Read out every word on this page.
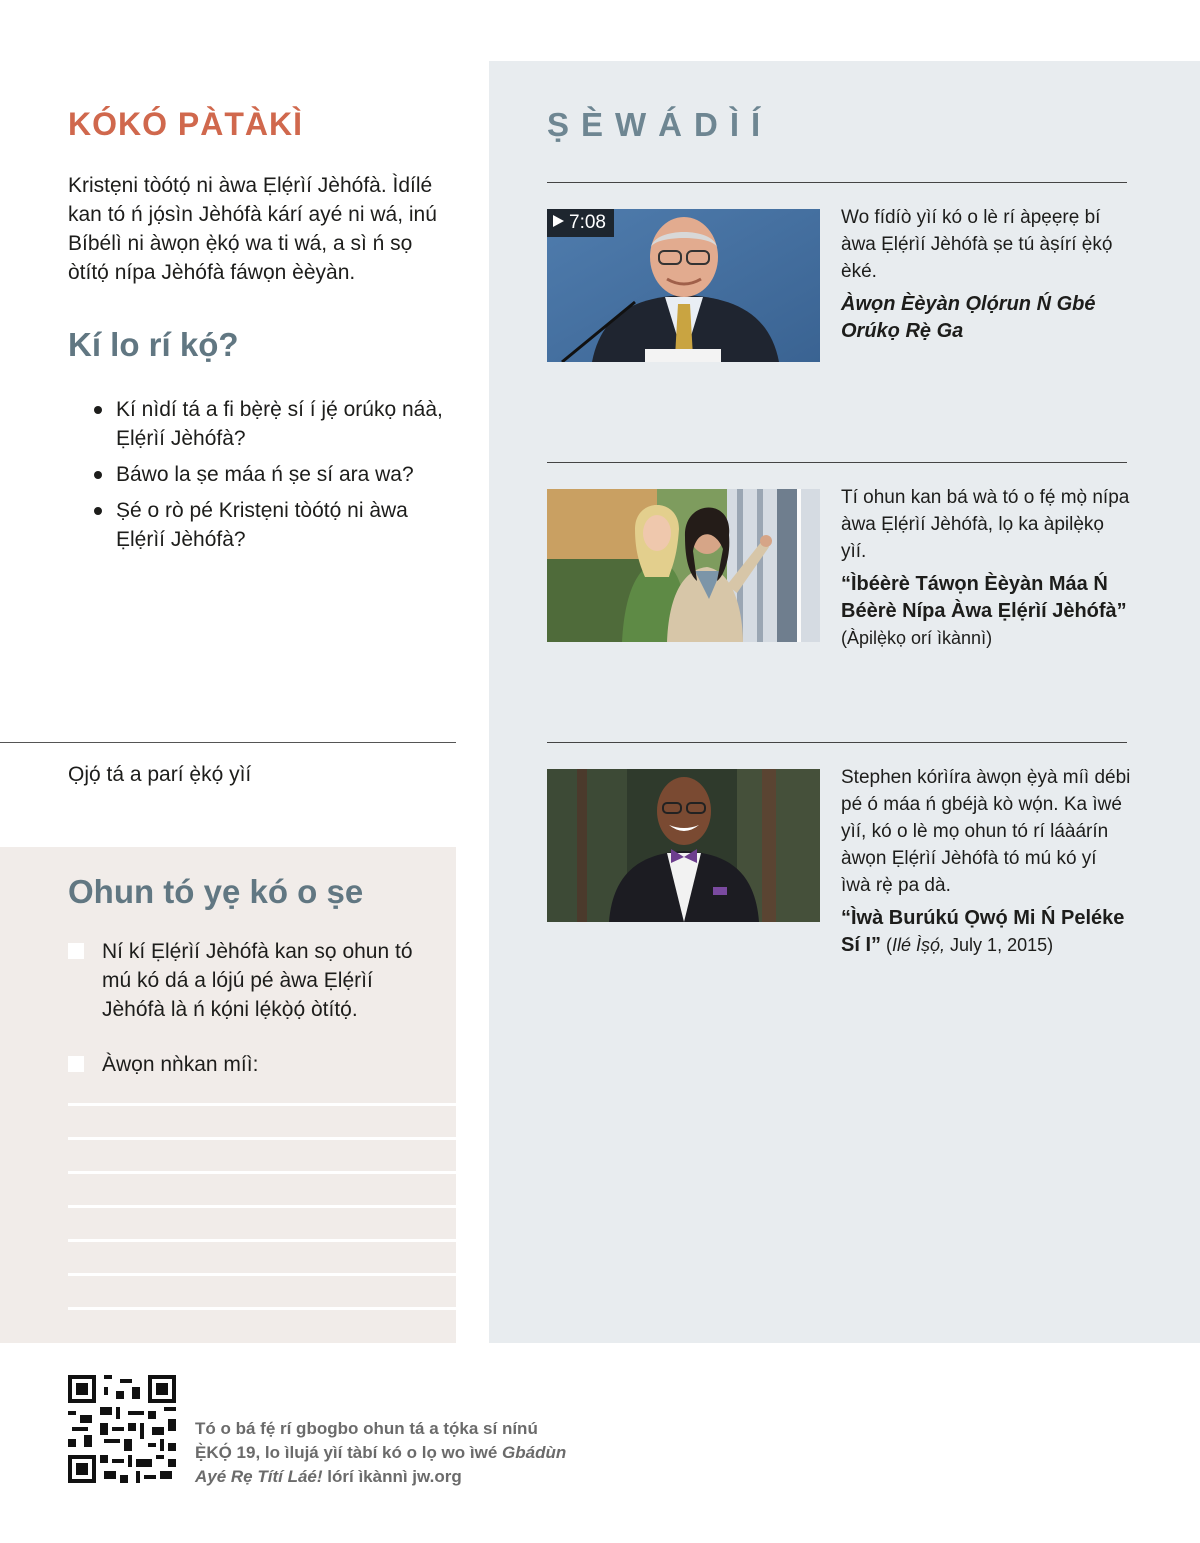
KÓKÓ PÀTÀKÌ

Kristẹni tòótọ́ ni àwa Ẹlẹ́rìí Jèhófà. Ìdílé kan tó ń jọ́sìn Jèhófà kárí ayé ni wá, inú Bíbélì ni àwọn ẹ̀kọ́ wa ti wá, a sì ń sọ òtítọ́ nípa Jèhófà fáwọn èèyàn.

Kí lo rí kọ́?
Kí nìdí tá a fi bẹ̀rẹ̀ sí í jẹ́ orúkọ náà, Ẹlẹ́rìí Jèhófà?
Báwo la ṣe máa ń ṣe sí ara wa?
Ṣé o rò pé Kristẹni tòótọ́ ni àwa Ẹlẹ́rìí Jèhófà?
Ọjọ́ tá a parí ẹ̀kọ́ yìí
Ohun tó yẹ kó o ṣe
Ní kí Ẹlẹ́rìí Jèhófà kan sọ ohun tó mú kó dá a lójú pé àwa Ẹlẹ́rìí Jèhófà là ń kọ́ni lẹ́kọ̀ọ́ òtítọ́.
Àwọn nǹkan míì:
ṢÈWÁDÌÍ
7:08	Wo fídíò yìí kó o lè rí àpẹẹrẹ bí àwa Ẹlẹ́rìí Jèhófà ṣe tú àṣírí ẹ̀kọ́ èké.
Àwọn Èèyàn Ọlọ́run Ń Gbé Orúkọ Rẹ̀ Ga
Tí ohun kan bá wà tó o fẹ́ mọ̀ nípa àwa Ẹlẹ́rìí Jèhófà, lọ ka àpilẹ̀kọ yìí.
“Ìbéèrè Táwọn Èèyàn Máa Ń Béèrè Nípa Àwa Ẹlẹ́rìí Jèhófà”
(Àpilẹ̀kọ orí ìkànnì)
Stephen kórìíra àwọn ẹ̀yà míì débi pé ó máa ń gbéjà kò wọ́n. Ka ìwé yìí, kó o lè mọ ohun tó rí láàárín àwọn Ẹlẹ́rìí Jèhófà tó mú kó yí ìwà rẹ̀ pa dà.
“Ìwà Burúkú Ọwọ́ Mi Ń Peléke Sí I” (Ilé Ìṣọ́, July 1, 2015)

Tó o bá fẹ́ rí gbogbo ohun tá a tọ́ka sí nínú Ẹ̀KỌ́ 19, lo ìlujá yìí tàbí kó o lọ wo ìwé Gbádùn Ayé Rẹ Títí Láé! lórí ìkànnì jw.org
